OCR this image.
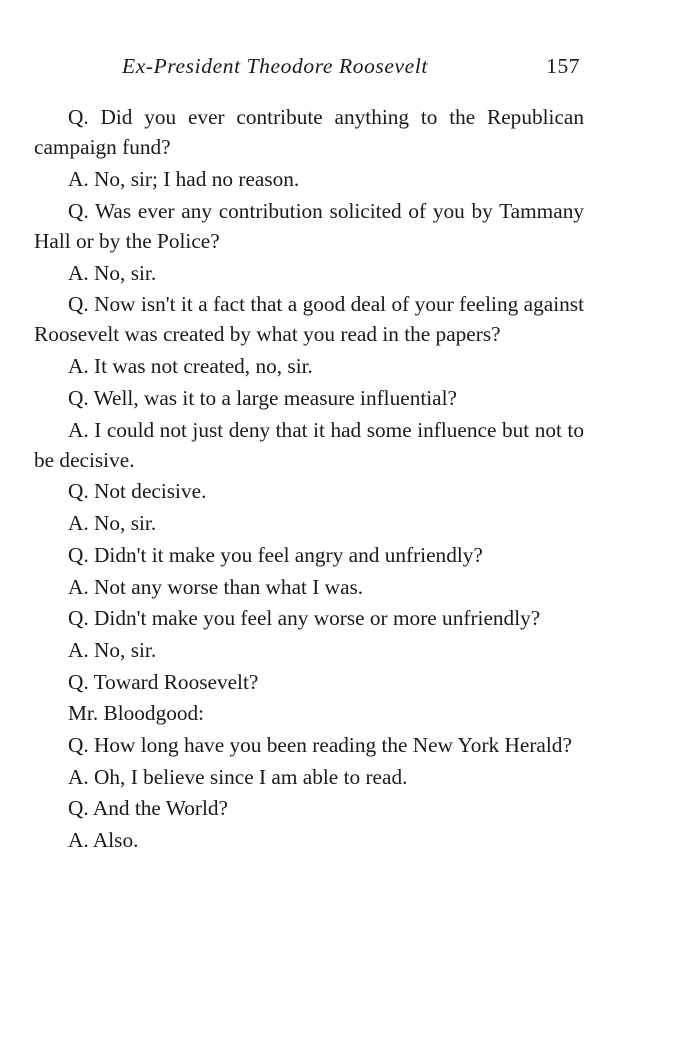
Ex-President Theodore Roosevelt	157

Q. Did you ever contribute anything to the Republican campaign fund?

A. No, sir; I had no reason.

Q. Was ever any contribution solicited of you by Tammany Hall or by the Police?

A. No, sir.

Q. Now isn't it a fact that a good deal of your feeling against Roosevelt was created by what you read in the papers?

A. It was not created, no, sir.

Q. Well, was it to a large measure influential?

A. I could not just deny that it had some influence but not to be decisive.

Q. Not decisive.

A. No, sir.

Q. Didn't it make you feel angry and unfriendly?

A. Not any worse than what I was.

Q. Didn't make you feel any worse or more unfriendly?

A. No, sir.

Q. Toward Roosevelt?

Mr. Bloodgood:

Q. How long have you been reading the New York Herald?

A. Oh, I believe since I am able to read.

Q. And the World?

A. Also.
